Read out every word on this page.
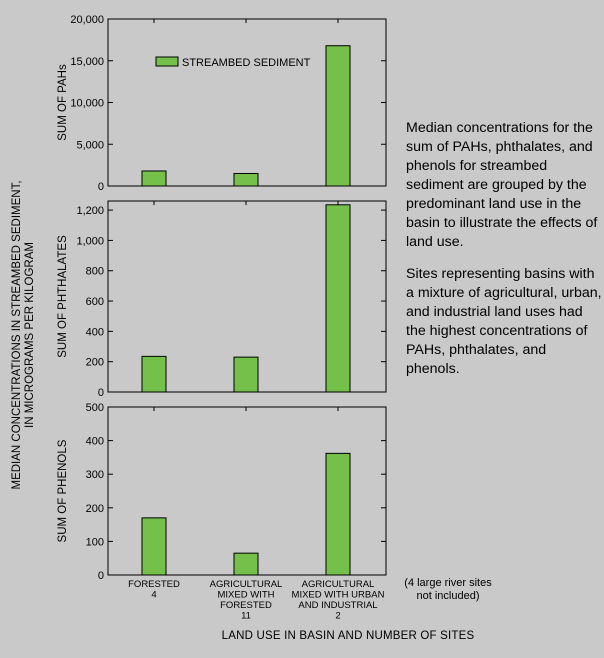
0
5,000
10,000
15,000
20,000
SUM OF PAHs
0
200
400
600
800
1,000
1,200
SUM OF PHTHALATES
0
100
200
300
400
500
SUM OF PHENOLS
STREAMBED SEDIMENT
FORESTED
4
AGRICULTURAL
MIXED WITH
FORESTED
11
AGRICULTURAL
MIXED WITH URBAN
AND INDUSTRIAL
2
MEDIAN CONCENTRATIONS IN STREAMBED SEDIMENT, IN MICROGRAMS PER KILOGRAM
Median concentrations for the sum of PAHs, phthalates, and phenols for streambed sediment are grouped by the predominant land use in the basin to illustrate the effects of land use.
Sites representing basins with a mixture of agricultural, urban, and industrial land uses had the highest concentrations of PAHs, phthalates, and phenols.
(4 large river sites
not included)
LAND USE IN BASIN AND NUMBER OF SITES
